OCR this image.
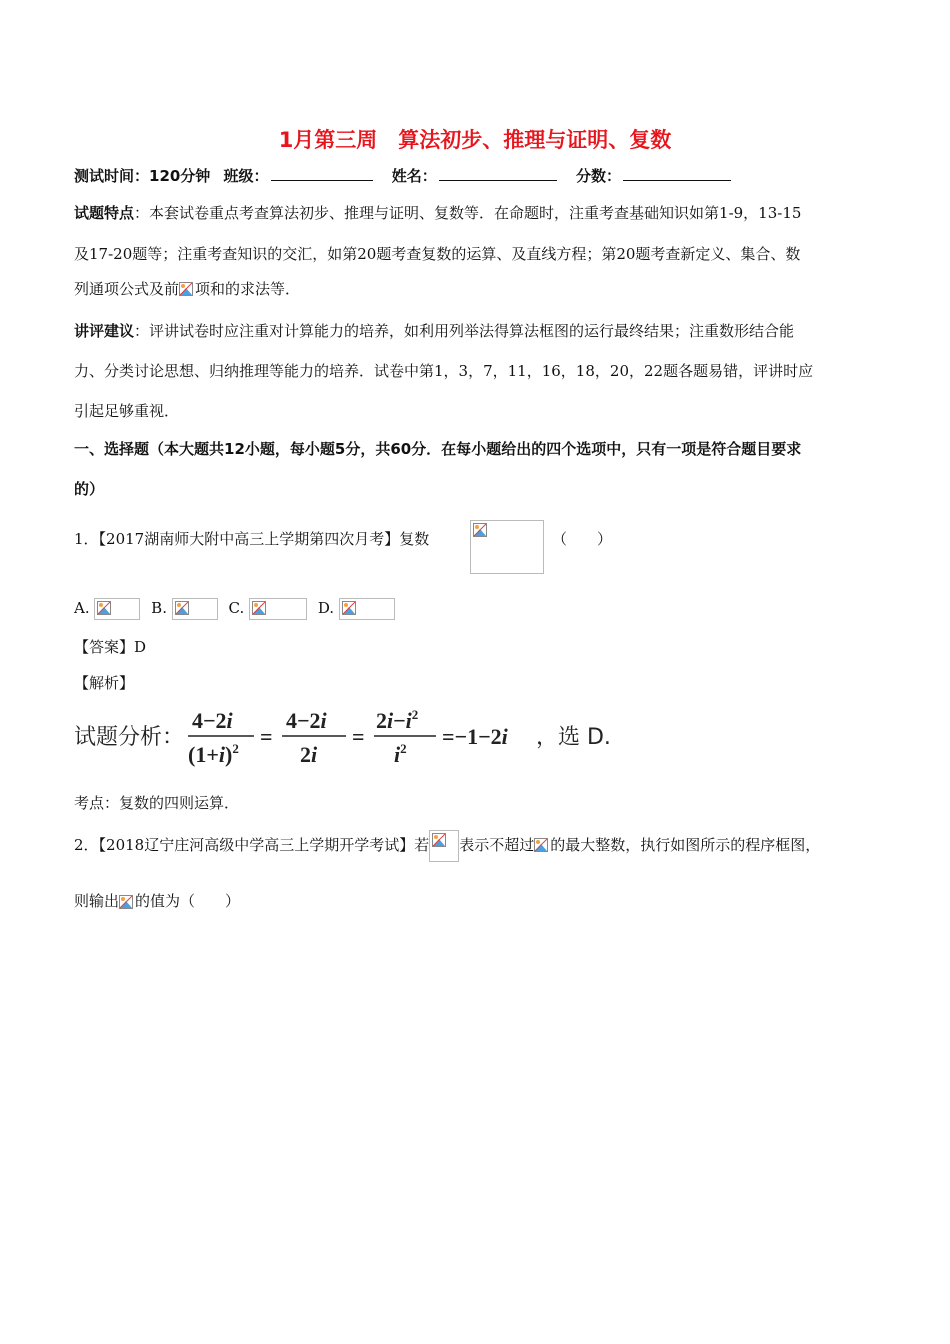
1月第三周　算法初步、推理与证明、复数
测试时间：120分钟 班级：	姓名：	分数：
试题特点：本套试卷重点考查算法初步、推理与证明、复数等．在命题时，注重考查基础知识如第1-9，13-15
及17-20题等；注重考查知识的交汇，如第20题考查复数的运算、及直线方程；第20题考查新定义、集合、数
列通项公式及前 项和的求法等．
讲评建议：评讲试卷时应注重对计算能力的培养，如利用列举法得算法框图的运行最终结果；注重数形结合能
力、分类讨论思想、归纳推理等能力的培养．试卷中第1，3，7，11，16，18，20，22题各题易错，评讲时应
引起足够重视．
一、选择题（本大题共12小题，每小题5分，共60分．在每小题给出的四个选项中，只有一项是符合题目要求
的）
1．【2017湖南师大附中高三上学期第四次月考】复数	（　　）
A.	B.	C.	D.
【答案】D
【解析】
试题分析：
4−2i
$(1+i)^2$ =
4−2i
2i
=
$2i-i^2$
$i^2 =-1-2i$ ，选 D.
考点：复数的四则运算．
2．【2018辽宁庄河高级中学高三上学期开学考试】若 表示不超过 的最大整数，执行如图所示的程序框图，
则输出 的值为（　　）
